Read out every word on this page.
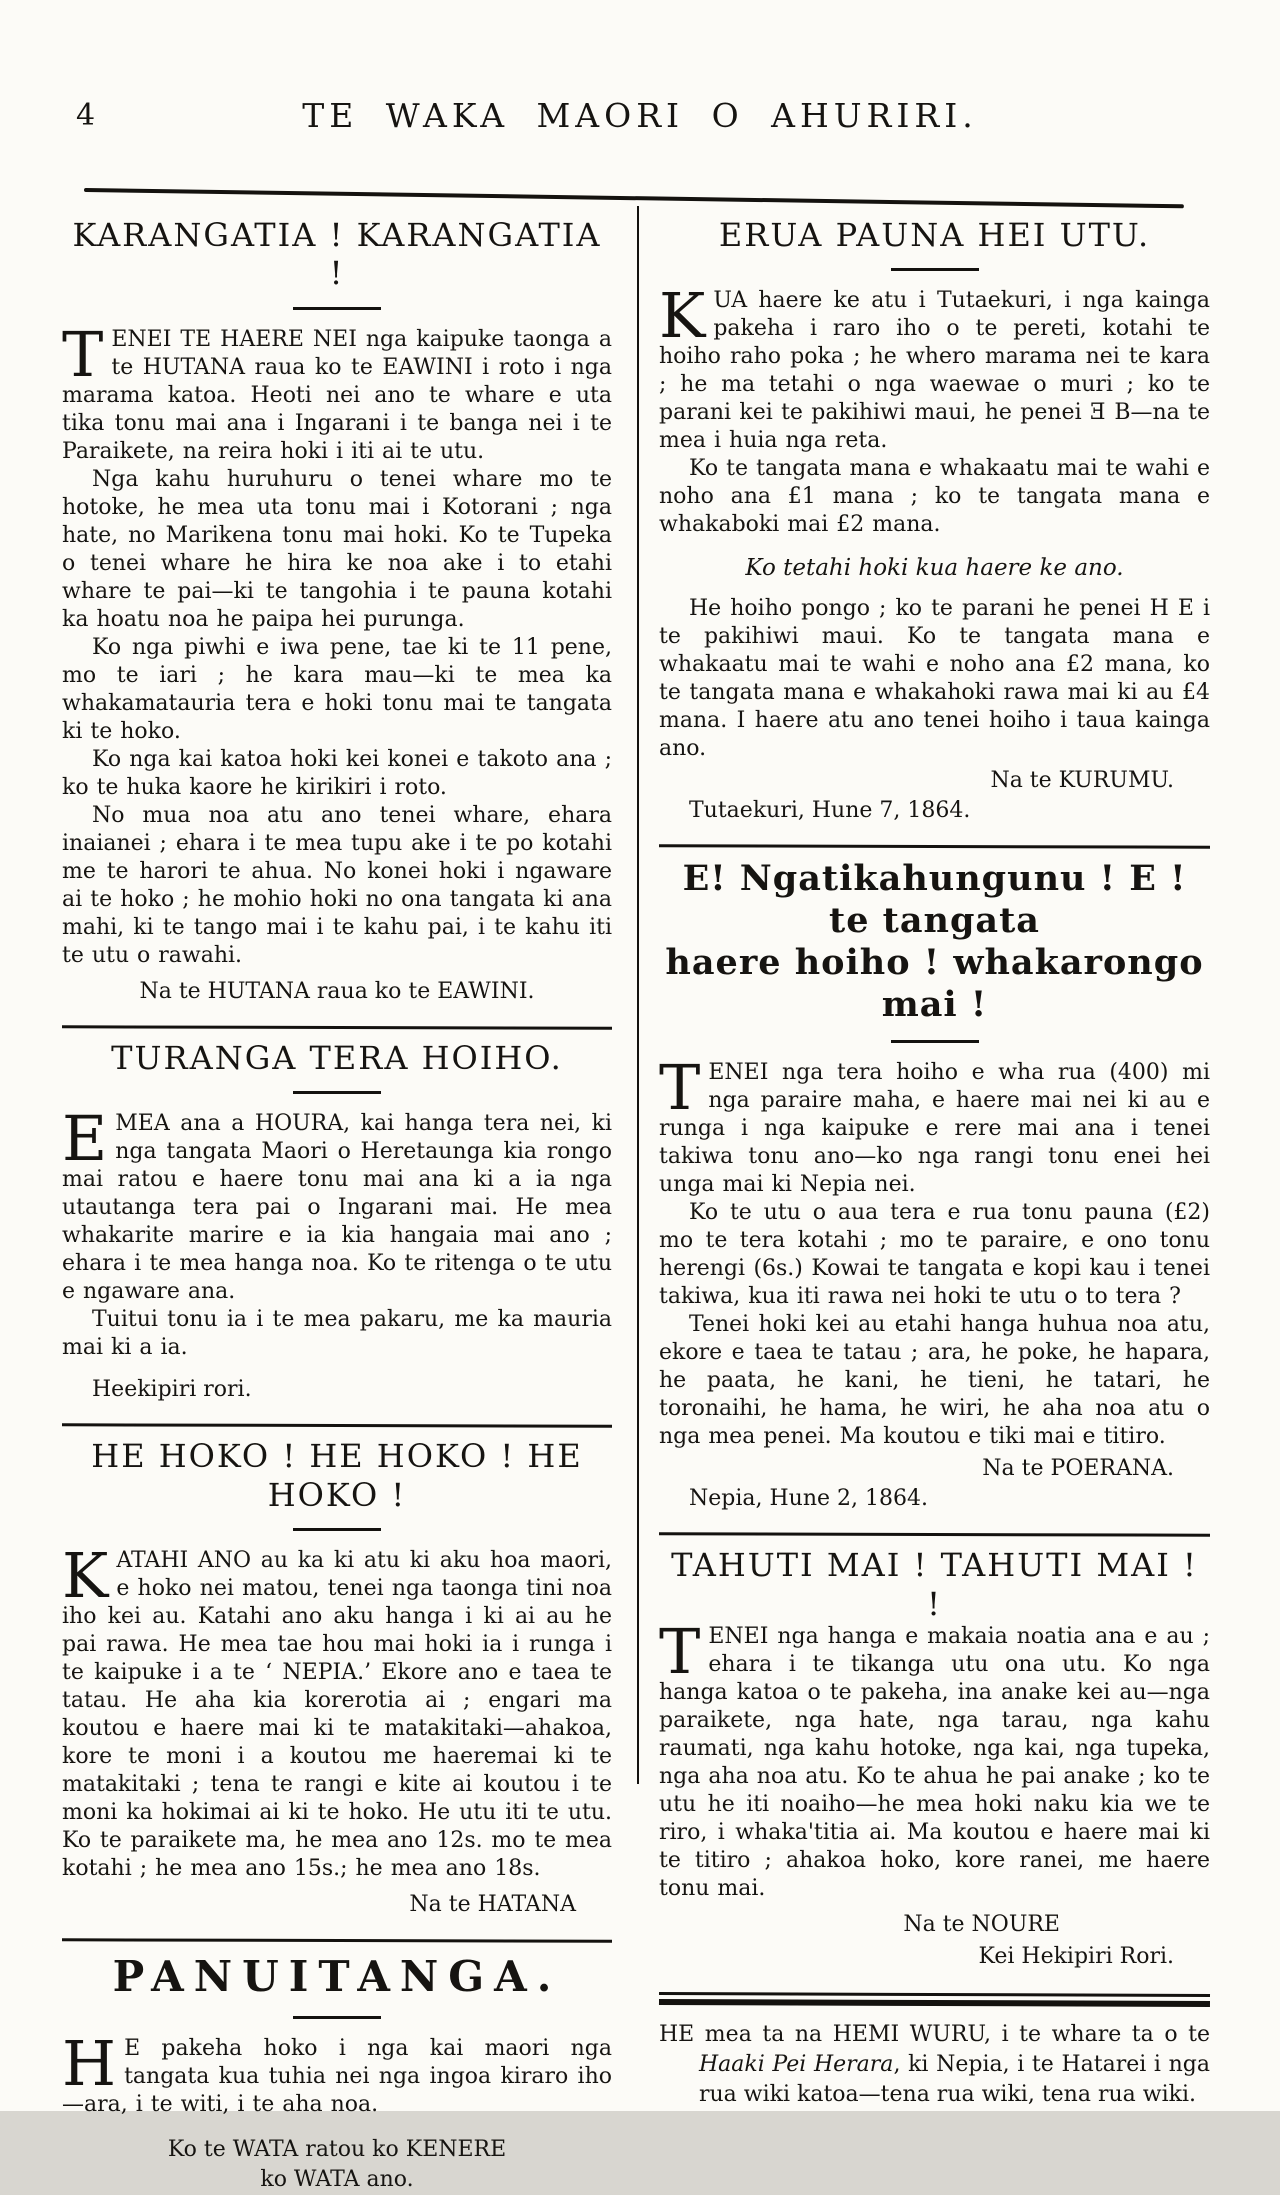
4	TE WAKA MAORI O AHURIRI.
KARANGATIA ! KARANGATIA !

TENEI TE HAERE NEI nga kaipuke taonga a te HUTANA raua ko te EAWINI i roto i nga marama katoa. Heoti nei ano te whare e uta tika tonu mai ana i Ingarani i te banga nei i te Paraikete, na reira hoki i iti ai te utu.

Nga kahu huruhuru o tenei whare mo te hotoke, he mea uta tonu mai i Kotorani ; nga hate, no Marikena tonu mai hoki. Ko te Tupeka o tenei whare he hira ke noa ake i to etahi whare te pai—ki te tangohia i te pauna kotahi ka hoatu noa he paipa hei purunga.

Ko nga piwhi e iwa pene, tae ki te 11 pene, mo te iari ; he kara mau—ki te mea ka whakamatauria tera e hoki tonu mai te tangata ki te hoko.

Ko nga kai katoa hoki kei konei e takoto ana ; ko te huka kaore he kirikiri i roto.

No mua noa atu ano tenei whare, ehara inaianei ; ehara i te mea tupu ake i te po kotahi me te harori te ahua. No konei hoki i ngaware ai te hoko ; he mohio hoki no ona tangata ki ana mahi, ki te tango mai i te kahu pai, i te kahu iti te utu o rawahi.

Na te HUTANA raua ko te EAWINI.

TURANGA TERA HOIHO.

EMEA ana a HOURA, kai hanga tera nei, ki nga tangata Maori o Heretaunga kia rongo mai ratou e haere tonu mai ana ki a ia nga utautanga tera pai o Ingarani mai. He mea whakarite marire e ia kia hangaia mai ano ; ehara i te mea hanga noa. Ko te ritenga o te utu e ngaware ana.

Tuitui tonu ia i te mea pakaru, me ka mauria mai ki a ia.

Heekipiri rori.

HE HOKO ! HE HOKO ! HE HOKO !

KATAHI ANO au ka ki atu ki aku hoa maori, e hoko nei matou, tenei nga taonga tini noa iho kei au. Katahi ano aku hanga i ki ai au he pai rawa. He mea tae hou mai hoki ia i runga i te kaipuke i a te ‘ NEPIA.’ Ekore ano e taea te tatau. He aha kia korerotia ai ; engari ma koutou e haere mai ki te matakitaki—ahakoa, kore te moni i a koutou me haeremai ki te matakitaki ; tena te rangi e kite ai koutou i te moni ka hokimai ai ki te hoko. He utu iti te utu. Ko te paraikete ma, he mea ano 12s. mo te mea kotahi ; he mea ano 15s.; he mea ano 18s.

Na te HATANA

PANUITANGA.

H E pakeha hoko i nga kai maori nga tangata kua tuhia nei nga ingoa kiraro iho—ara, i te witi, i te aha noa.

Ko te WATA ratou ko KENERE

ko WATA ano.

ERUA PAUNA HEI UTU.

KUA haere ke atu i Tutaekuri, i nga kainga pakeha i raro iho o te pereti, kotahi te hoiho raho poka ; he whero marama nei te kara ; he ma tetahi o nga waewae o muri ; ko te parani kei te pakihiwi maui, he penei Ǝ B—na te mea i huia nga reta.

Ko te tangata mana e whakaatu mai te wahi e noho ana £1 mana ; ko te tangata mana e whakaboki mai £2 mana.

Ko tetahi hoki kua haere ke ano.

He hoiho pongo ; ko te parani he penei H E i te pakihiwi maui. Ko te tangata mana e whakaatu mai te wahi e noho ana £2 mana, ko te tangata mana e whakahoki rawa mai ki au £4 mana. I haere atu ano tenei hoiho i taua kainga ano.

Na te KURUMU.

Tutaekuri, Hune 7, 1864.

E! Ngatikahungunu ! E ! te tangata
haere hoiho ! whakarongo mai !

TENEI nga tera hoiho e wha rua (400) mi nga paraire maha, e haere mai nei ki au e runga i nga kaipuke e rere mai ana i tenei takiwa tonu ano—ko nga rangi tonu enei hei unga mai ki Nepia nei.

Ko te utu o aua tera e rua tonu pauna (£2) mo te tera kotahi ; mo te paraire, e ono tonu herengi (6s.) Kowai te tangata e kopi kau i tenei takiwa, kua iti rawa nei hoki te utu o to tera ?

Tenei hoki kei au etahi hanga huhua noa atu, ekore e taea te tatau ; ara, he poke, he hapara, he paata, he kani, he tieni, he tatari, he toronaihi, he hama, he wiri, he aha noa atu o nga mea penei. Ma koutou e tiki mai e titiro.

Na te POERANA.

Nepia, Hune 2, 1864.

TAHUTI MAI ! TAHUTI MAI ! !

TENEI nga hanga e makaia noatia ana e au ; ehara i te tikanga utu ona utu. Ko nga hanga katoa o te pakeha, ina anake kei au—nga paraikete, nga hate, nga tarau, nga kahu raumati, nga kahu hotoke, nga kai, nga tupeka, nga aha noa atu. Ko te ahua he pai anake ; ko te utu he iti noaiho—he mea hoki naku kia we te riro, i whaka'titia ai. Ma koutou e haere mai ki te titiro ; ahakoa hoko, kore ranei, me haere tonu mai.

Na te NOURE

Kei Hekipiri Rori.

HE mea ta na HEMI WURU, i te whare ta o te Haaki Pei Herara, ki Nepia, i te Hatarei i nga rua wiki katoa—tena rua wiki, tena rua wiki.
